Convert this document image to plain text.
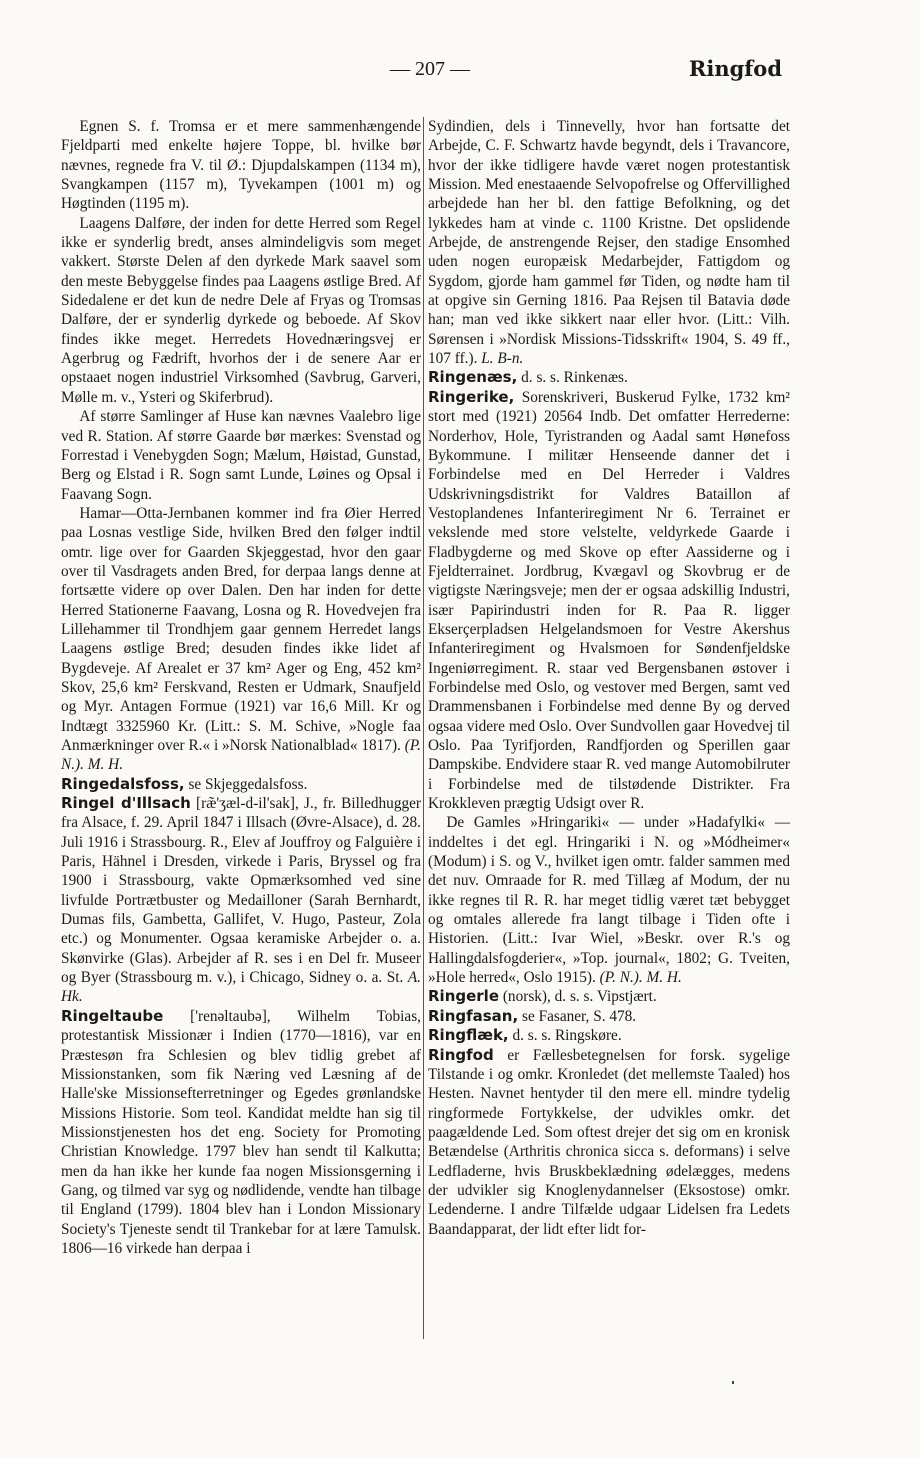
— 207 —	Ringfod

Egnen S. f. Tromsa er et mere sammenhængende Fjeldparti med enkelte højere Toppe, bl. hvilke bør nævnes, regnede fra V. til Ø.: Djupdalskampen (1134 m), Svangkampen (1157 m), Tyvekampen (1001 m) og Høgtinden (1195 m).

Laagens Dalføre, der inden for dette Herred som Regel ikke er synderlig bredt, anses almindeligvis som meget vakkert. Største Delen af den dyrkede Mark saavel som den meste Bebyggelse findes paa Laagens østlige Bred. Af Sidedalene er det kun de nedre Dele af Fryas og Tromsas Dalføre, der er synderlig dyrkede og beboede. Af Skov findes ikke meget. Herredets Hovednæringsvej er Agerbrug og Fædrift, hvorhos der i de senere Aar er opstaaet nogen industriel Virksomhed (Savbrug, Garveri, Mølle m. v., Ysteri og Skiferbrud).

Af større Samlinger af Huse kan nævnes Vaalebro lige ved R. Station. Af større Gaarde bør mærkes: Svenstad og Forrestad i Venebygden Sogn; Mælum, Høistad, Gunstad, Berg og Elstad i R. Sogn samt Lunde, Løines og Opsal i Faavang Sogn.

Hamar—Otta-Jernbanen kommer ind fra Øier Herred paa Losnas vestlige Side, hvilken Bred den følger indtil omtr. lige over for Gaarden Skjeggestad, hvor den gaar over til Vasdragets anden Bred, for derpaa langs denne at fortsætte videre op over Dalen. Den har inden for dette Herred Stationerne Faavang, Losna og R. Hovedvejen fra Lillehammer til Trondhjem gaar gennem Herredet langs Laagens østlige Bred; desuden findes ikke lidet af Bygdeveje. Af Arealet er 37 km² Ager og Eng, 452 km² Skov, 25,6 km² Ferskvand, Resten er Udmark, Snaufjeld og Myr. Antagen Formue (1921) var 16,6 Mill. Kr og Indtægt 3325960 Kr. (Litt.: S. M. Schive, »Nogle faa Anmærkninger over R.« i »Norsk Nationalblad« 1817). (P. N.). M. H.

Ringedalsfoss, se Skjeggedalsfoss.

Ringel d'Illsach [ræ̃'ʒæl-d-il'sak], J., fr. Billedhugger fra Alsace, f. 29. April 1847 i Illsach (Øvre-Alsace), d. 28. Juli 1916 i Strassbourg. R., Elev af Jouffroy og Falguière i Paris, Hähnel i Dresden, virkede i Paris, Bryssel og fra 1900 i Strassbourg, vakte Opmærksomhed ved sine livfulde Portrætbuster og Medailloner (Sarah Bernhardt, Dumas fils, Gambetta, Gallifet, V. Hugo, Pasteur, Zola etc.) og Monumenter. Ogsaa keramiske Arbejder o. a. Skønvirke (Glas). Arbejder af R. ses i en Del fr. Museer og Byer (Strassbourg m. v.), i Chicago, Sidney o. a. St. A. Hk.

Ringeltaube ['renəltaubə], Wilhelm Tobias, protestantisk Missionær i Indien (1770—1816), var en Præstesøn fra Schlesien og blev tidlig grebet af Missionstanken, som fik Næring ved Læsning af de Halle'ske Missionsefterretninger og Egedes grønlandske Missions Historie. Som teol. Kandidat meldte han sig til Missionstjenesten hos det eng. Society for Promoting Christian Knowledge. 1797 blev han sendt til Kalkutta; men da han ikke her kunde faa nogen Missionsgerning i Gang, og tilmed var syg og nødlidende, vendte han tilbage til England (1799). 1804 blev han i London Missionary Society's Tjeneste sendt til Trankebar for at lære Tamulsk. 1806—16 virkede han derpaa i

Sydindien, dels i Tinnevelly, hvor han fortsatte det Arbejde, C. F. Schwartz havde begyndt, dels i Travancore, hvor der ikke tidligere havde været nogen protestantisk Mission. Med enestaaende Selvopofrelse og Offervillighed arbejdede han her bl. den fattige Befolkning, og det lykkedes ham at vinde c. 1100 Kristne. Det opslidende Arbejde, de anstrengende Rejser, den stadige Ensomhed uden nogen europæisk Medarbejder, Fattigdom og Sygdom, gjorde ham gammel før Tiden, og nødte ham til at opgive sin Gerning 1816. Paa Rejsen til Batavia døde han; man ved ikke sikkert naar eller hvor. (Litt.: Vilh. Sørensen i »Nordisk Missions-Tidsskrift« 1904, S. 49 ff., 107 ff.). L. B-n.

Ringenæs, d. s. s. Rinkenæs.

Ringerike, Sorenskriveri, Buskerud Fylke, 1732 km² stort med (1921) 20564 Indb. Det omfatter Herrederne: Norderhov, Hole, Tyristranden og Aadal samt Hønefoss Bykommune. I militær Henseende danner det i Forbindelse med en Del Herreder i Valdres Udskrivningsdistrikt for Valdres Bataillon af Vestoplandenes Infanteriregiment Nr 6. Terrainet er vekslende med store velstelte, veldyrkede Gaarde i Fladbygderne og med Skove op efter Aassiderne og i Fjeldterrainet. Jordbrug, Kvægavl og Skovbrug er de vigtigste Næringsveje; men der er ogsaa adskillig Industri, især Papirindustri inden for R. Paa R. ligger Ekserçerpladsen Helgelandsmoen for Vestre Akershus Infanteriregiment og Hvalsmoen for Søndenfjeldske Ingeniørregiment. R. staar ved Bergensbanen østover i Forbindelse med Oslo, og vestover med Bergen, samt ved Drammensbanen i Forbindelse med denne By og derved ogsaa videre med Oslo. Over Sundvollen gaar Hovedvej til Oslo. Paa Tyrifjorden, Randfjorden og Sperillen gaar Dampskibe. Endvidere staar R. ved mange Automobilruter i Forbindelse med de tilstødende Distrikter. Fra Krokkleven prægtig Udsigt over R.

De Gamles »Hringariki« — under »Hadafylki« — inddeltes i det egl. Hringariki i N. og »Módheimer« (Modum) i S. og V., hvilket igen omtr. falder sammen med det nuv. Omraade for R. med Tillæg af Modum, der nu ikke regnes til R. R. har meget tidlig været tæt bebygget og omtales allerede fra langt tilbage i Tiden ofte i Historien. (Litt.: Ivar Wiel, »Beskr. over R.'s og Hallingdalsfogderier«, »Top. journal«, 1802; G. Tveiten, »Hole herred«, Oslo 1915). (P. N.). M. H.

Ringerle (norsk), d. s. s. Vipstjært.

Ringfasan, se Fasaner, S. 478.

Ringflæk, d. s. s. Ringskøre.

Ringfod er Fællesbetegnelsen for forsk. sygelige Tilstande i og omkr. Kronledet (det mellemste Taaled) hos Hesten. Navnet hentyder til den mere ell. mindre tydelig ringformede Fortykkelse, der udvikles omkr. det paagældende Led. Som oftest drejer det sig om en kronisk Betændelse (Arthritis chronica sicca s. deformans) i selve Ledfladerne, hvis Bruskbeklædning ødelægges, medens der udvikler sig Knoglenydannelser (Eksostose) omkr. Ledenderne. I andre Tilfælde udgaar Lidelsen fra Ledets Baandapparat, der lidt efter lidt for-
